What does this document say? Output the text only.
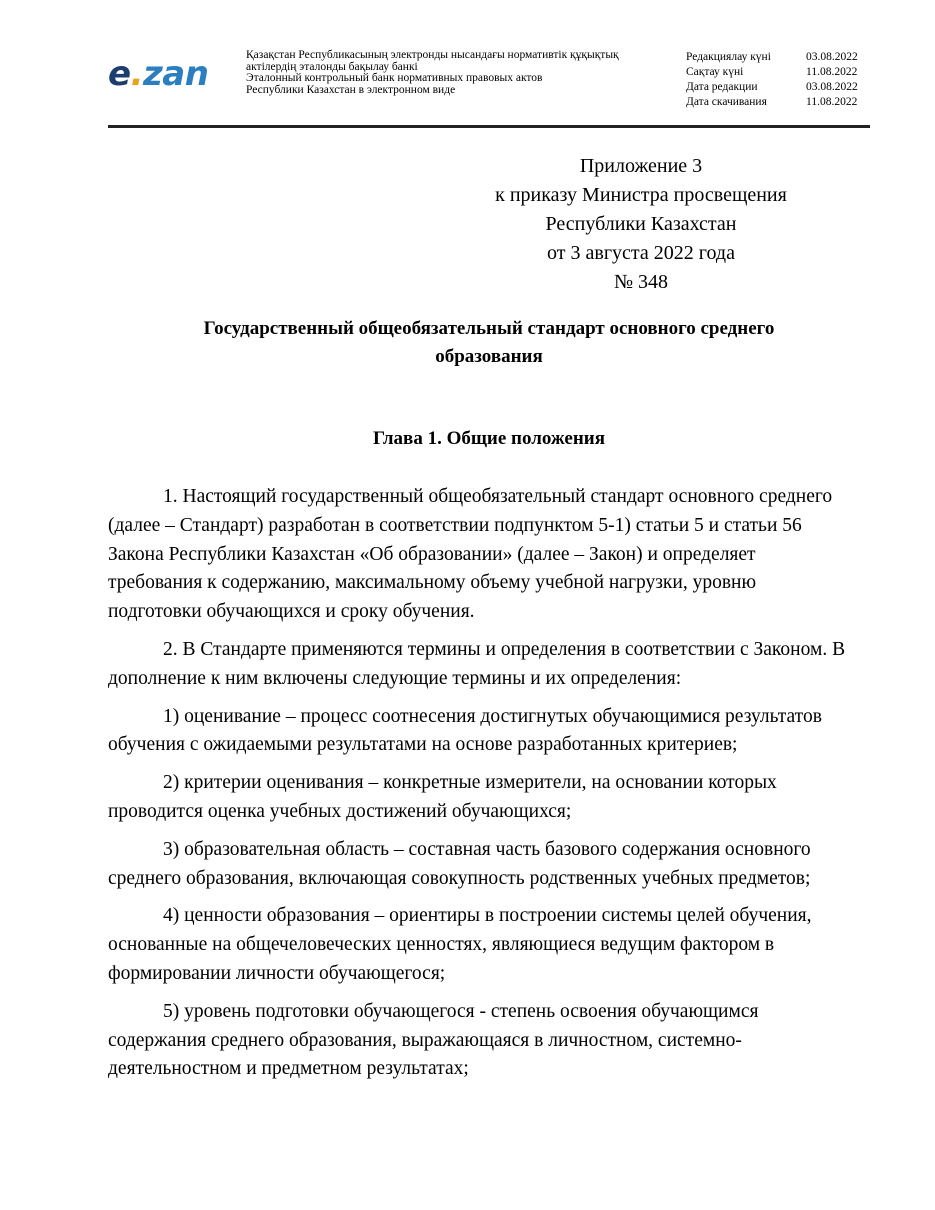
e.zan	Қазақстан Республикасының электронды нысандағы нормативтік құқықтық
актілердің эталонды бақылау банкі
Эталонный контрольный банк нормативных правовых актов
Республики Казахстан в электронном виде
Редакциялау күні	03.08.2022
Сақтау күні	11.08.2022
Дата редакции	03.08.2022
Дата скачивания	11.08.2022
Приложение 3
к приказу Министра просвещения
Республики Казахстан
от 3 августа 2022 года
№ 348
Государственный общеобязательный стандарт основного среднего
образования
Глава 1. Общие положения

1. Настоящий государственный общеобязательный стандарт основного среднего (далее – Стандарт) разработан в соответствии подпунктом 5-1) статьи 5 и статьи 56 Закона Республики Казахстан «Об образовании» (далее – Закон) и определяет требования к содержанию, максимальному объему учебной нагрузки, уровню подготовки обучающихся и сроку обучения.

2. В Стандарте применяются термины и определения в соответствии с Законом. В дополнение к ним включены следующие термины и их определения:

1) оценивание – процесс соотнесения достигнутых обучающимися результатов обучения с ожидаемыми результатами на основе разработанных критериев;

2) критерии оценивания – конкретные измерители, на основании которых проводится оценка учебных достижений обучающихся;

3) образовательная область – составная часть базового содержания основного среднего образования, включающая совокупность родственных учебных предметов;

4) ценности образования – ориентиры в построении системы целей обучения, основанные на общечеловеческих ценностях, являющиеся ведущим фактором в формировании личности обучающегося;

5) уровень подготовки обучающегося - степень освоения обучающимся содержания среднего образования, выражающаяся в личностном, системно-деятельностном и предметном результатах;
